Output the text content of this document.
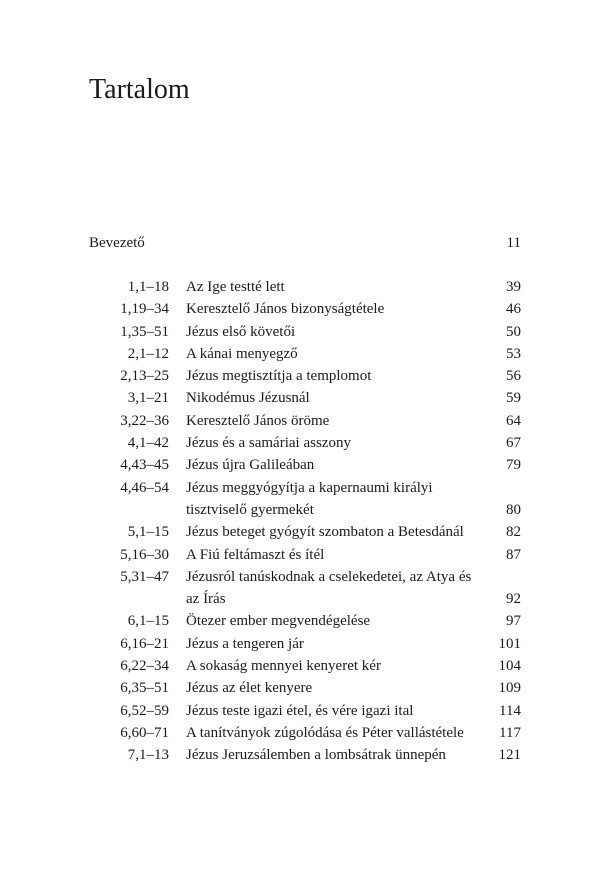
Tartalom
Bevezető	11
1,1–18 Az Ige testté lett	39
1,19–34 Keresztelő János bizonyságtétele	46
1,35–51 Jézus első követői	50
2,1–12 A kánai menyegző	53
2,13–25 Jézus megtisztítja a templomot	56
3,1–21 Nikodémus Jézusnál	59
3,22–36 Keresztelő János öröme	64
4,1–42 Jézus és a samáriai asszony	67
4,43–45 Jézus újra Galileában	79
4,46–54 Jézus meggyógyítja a kapernaumi királyi tisztviselő gyermekét	80
5,1–15 Jézus beteget gyógyít szombaton a Betesdánál	82
5,16–30 A Fiú feltámaszt és ítél	87
5,31–47 Jézusról tanúskodnak a cselekedetei, az Atya és az Írás	92
6,1–15 Ötezer ember megvendégelése	97
6,16–21 Jézus a tengeren jár	101
6,22–34 A sokaság mennyei kenyeret kér	104
6,35–51 Jézus az élet kenyere	109
6,52–59 Jézus teste igazi étel, és vére igazi ital	114
6,60–71 A tanítványok zúgolódása és Péter vallástétele	117
7,1–13 Jézus Jeruzsálemben a lombsátrak ünnepén	121
